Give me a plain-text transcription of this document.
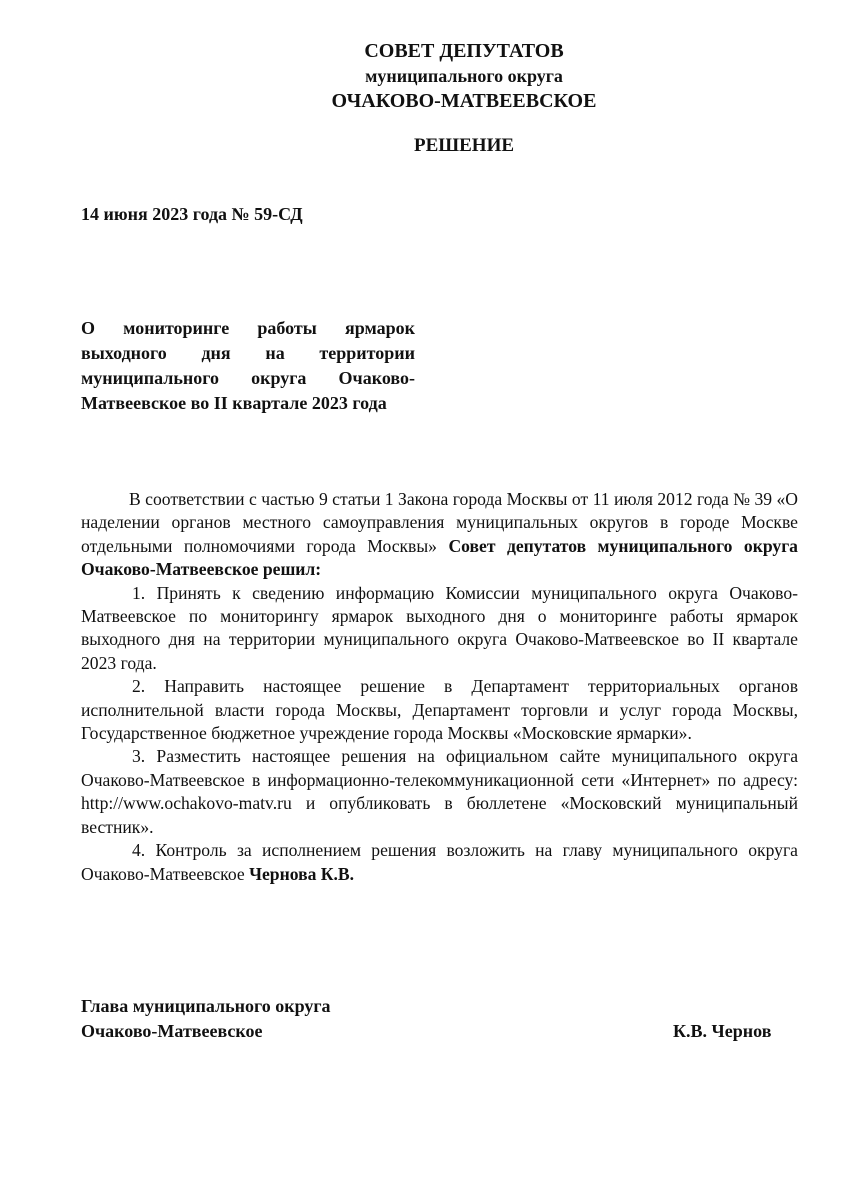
СОВЕТ ДЕПУТАТОВ
муниципального округа
ОЧАКОВО-МАТВЕЕВСКОЕ
РЕШЕНИЕ
14 июня 2023 года № 59-СД
О мониторинге работы ярмарок выходного дня на территории муниципального округа Очаково-Матвеевское во II квартале 2023 года

В соответствии с частью 9 статьи 1 Закона города Москвы от 11 июля 2012 года № 39 «О наделении органов местного самоуправления муниципальных округов в городе Москве отдельными полномочиями города Москвы» Совет депутатов муниципального округа Очаково-Матвеевское решил:

1. Принять к сведению информацию Комиссии муниципального округа Очаково-Матвеевское по мониторингу ярмарок выходного дня о мониторинге работы ярмарок выходного дня на территории муниципального округа Очаково-Матвеевское во II квартале 2023 года.

2. Направить настоящее решение в Департамент территориальных органов исполнительной власти города Москвы, Департамент торговли и услуг города Москвы, Государственное бюджетное учреждение города Москвы «Московские ярмарки».

3. Разместить настоящее решения на официальном сайте муниципального округа Очаково-Матвеевское в информационно-телекоммуникационной сети «Интернет» по адресу: http://www.ochakovo-matv.ru и опубликовать в бюллетене «Московский муниципальный вестник».

4. Контроль за исполнением решения возложить на главу муниципального округа Очаково-Матвеевское Чернова К.В.

Глава муниципального округа
Очаково-Матвеевское	К.В. Чернов
